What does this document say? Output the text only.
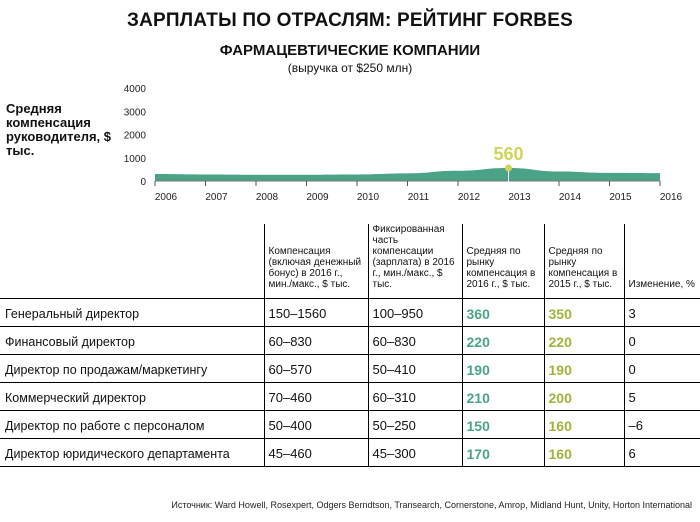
ЗАРПЛАТЫ ПО ОТРАСЛЯМ: РЕЙТИНГ FORBES
ФАРМАЦЕВТИЧЕСКИЕ КОМПАНИИ
(выручка от $250 млн)
Средняя компенсация руководителя, $ тыс.
0
1000
2000
3000
4000
2006	2007	2008	2009	2010	2011	2012	2013	2014	2015	2016
560
	Компенсация (включая денежный бонус) в 2016 г., мин./макс., $ тыс.	Фиксированная часть компенсации (зарплата) в 2016 г., мин./макс., $ тыс.	Средняя по рынку компенсация в 2016 г., $ тыс.	Средняя по рынку компенсация в 2015 г., $ тыс.	Изменение, %
Генеральный директор	150–1560	100–950	360	350	3
Финансовый директор	60–830	60–830	220	220	0
Директор по продажам/маркетингу	60–570	50–410	190	190	0
Коммерческий директор	70–460	60–310	210	200	5
Директор по работе с персоналом	50–400	50–250	150	160	–6
Директор юридического департамента	45–460	45–300	170	160	6
Источник: Ward Howell, Rosexpert, Odgers Berndtson, Transearch, Cornerstone, Amrop, Midland Hunt, Unity, Horton International
